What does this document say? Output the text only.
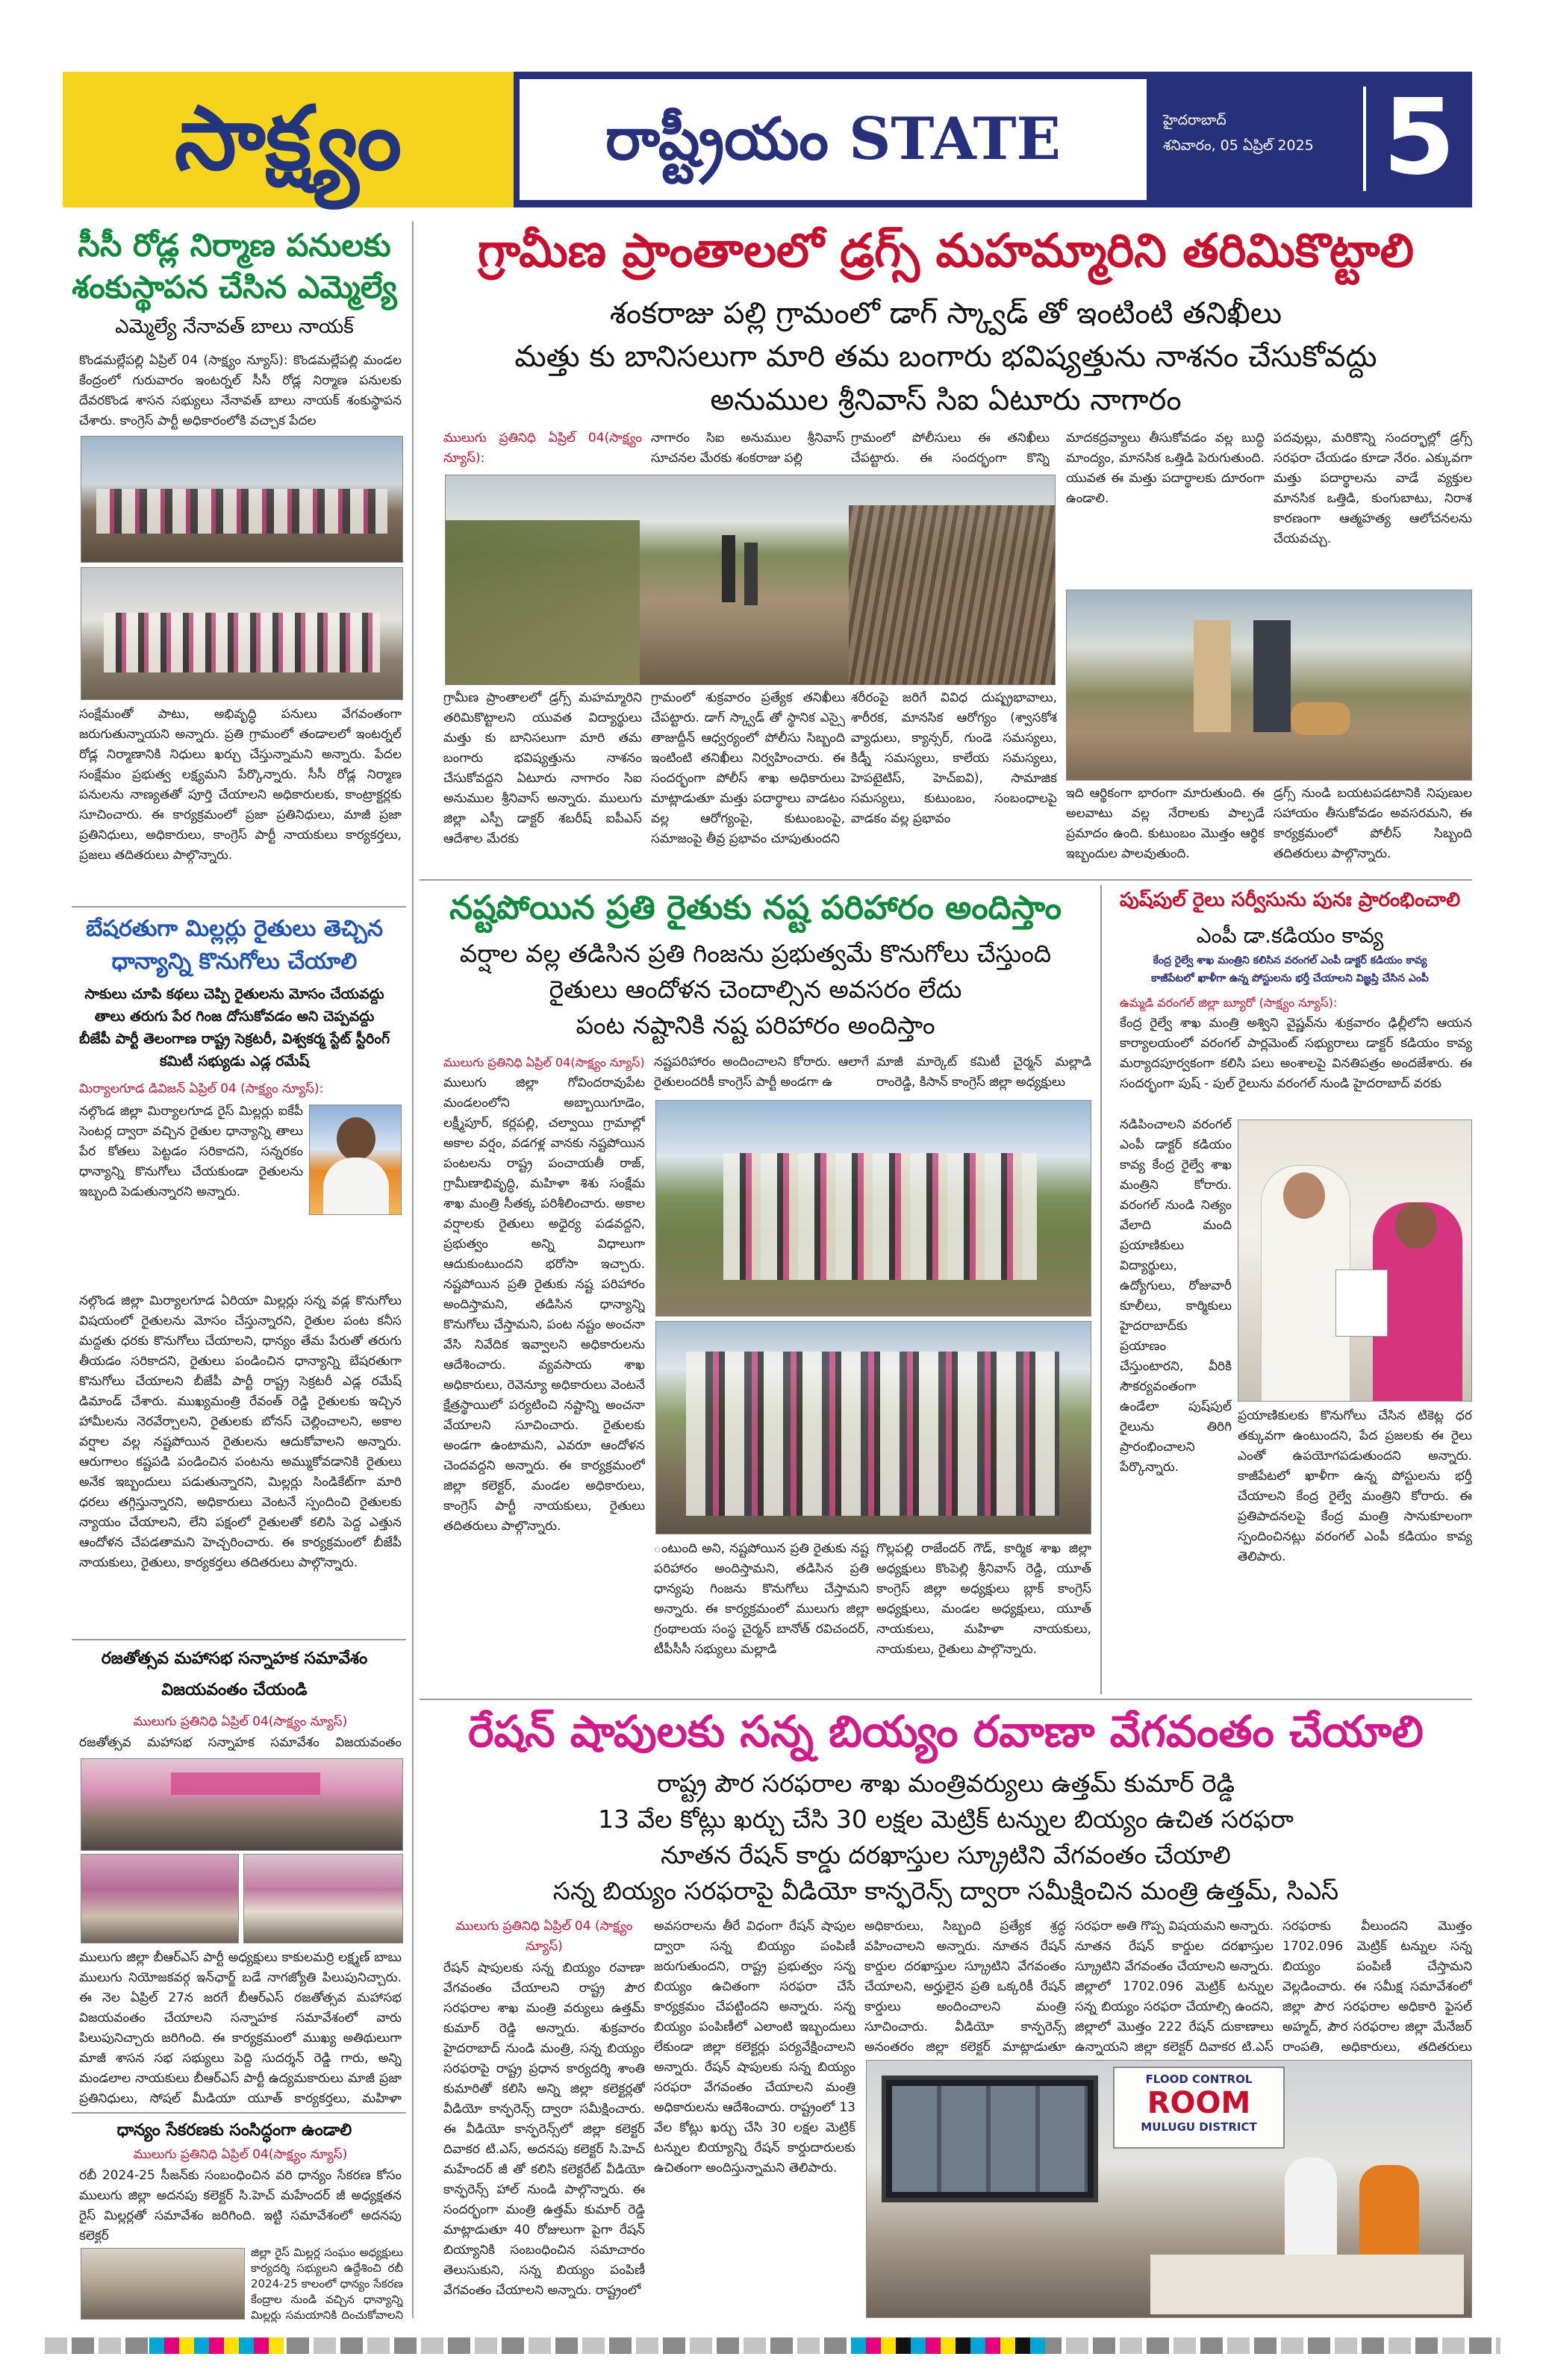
సాక్ష్యం	రాష్ట్రీయం STATE	హైదరాబాద్
శనివారం, 05 ఏప్రిల్ 2025 5
సీసీ రోడ్ల నిర్మాణ పనులకు
శంకుస్థాపన చేసిన ఎమ్మెల్యే
ఎమ్మెల్యే నేనావత్ బాలు నాయక్
కొండమల్లేపల్లి ఏప్రిల్ 04 (సాక్ష్యం న్యూస్): కొండమల్లేపల్లి మండల కేంద్రంలో గురువారం ఇంటర్నల్ సీసీ రోడ్ల నిర్మాణ పనులకు దేవరకొండ శాసన సభ్యులు నేనావత్ బాలు నాయక్ శంకుస్థాపన చేశారు. కాంగ్రెస్ పార్టీ అధికారంలోకి వచ్చాక పేదల
సంక్షేమంతో పాటు, అభివృద్ధి పనులు వేగవంతంగా జరుగుతున్నాయని అన్నారు. ప్రతి గ్రామంలో తండాలలో ఇంటర్నల్ రోడ్ల నిర్మాణానికి నిధులు ఖర్చు చేస్తున్నామని అన్నారు. పేదల సంక్షేమం ప్రభుత్వ లక్ష్యమని పేర్కొన్నారు. సీసీ రోడ్ల నిర్మాణ పనులను నాణ్యతతో పూర్తి చేయాలని అధికారులకు, కాంట్రాక్టర్లకు సూచించారు. ఈ కార్యక్రమంలో ప్రజా ప్రతినిధులు, మాజీ ప్రజా ప్రతినిధులు, అధికారులు, కాంగ్రెస్ పార్టీ నాయకులు కార్యకర్తలు, ప్రజలు తదితరులు పాల్గొన్నారు.
బేషరతుగా మిల్లర్లు రైతులు తెచ్చిన
ధాన్యాన్ని కొనుగోలు చేయాలి
సాకులు చూపి కథలు చెప్పి రైతులను మోసం చేయవద్దు
తాలు తరుగు పేర గింజ దోసుకోవడం అని చెప్పవద్దు
బీజేపీ పార్టీ తెలంగాణ రాష్ట్ర సెక్రటరీ, విశ్వకర్మ స్టేట్ స్టీరింగ్
కమిటీ సభ్యుడు ఎడ్ల రమేష్
మిర్యాలగూడ డివిజన్ ఏప్రిల్ 04 (సాక్ష్యం న్యూస్):
నల్గొండ జిల్లా మిర్యాలగూడ రైస్ మిల్లర్లు ఐకేపీ సెంటర్ల ద్వారా వచ్చిన రైతుల ధాన్యాన్ని తాలు పేర కోతలు పెట్టడం సరికాదని, సన్నరకం ధాన్యాన్ని కొనుగోలు చేయకుండా రైతులను ఇబ్బంది పెడుతున్నారని అన్నారు.
నల్గొండ జిల్లా మిర్యాలగూడ ఏరియా మిల్లర్లు సన్న వడ్ల కొనుగోలు విషయంలో రైతులను మోసం చేస్తున్నారని, రైతుల పంట కనీస మద్దతు ధరకు కొనుగోలు చేయాలని, ధాన్యం తేమ పేరుతో తరుగు తీయడం సరికాదని, రైతులు పండించిన ధాన్యాన్ని బేషరతుగా కొనుగోలు చేయాలని బీజేపీ పార్టీ రాష్ట్ర సెక్రటరీ ఎడ్ల రమేష్ డిమాండ్ చేశారు. ముఖ్యమంత్రి రేవంత్ రెడ్డి రైతులకు ఇచ్చిన హామీలను నెరవేర్చాలని, రైతులకు బోనస్ చెల్లించాలని, అకాల వర్షాల వల్ల నష్టపోయిన రైతులను ఆదుకోవాలని అన్నారు. ఆరుగాలం కష్టపడి పండించిన పంటను అమ్ముకోవడానికి రైతులు అనేక ఇబ్బందులు పడుతున్నారని, మిల్లర్లు సిండికేట్‌గా మారి ధరలు తగ్గిస్తున్నారని, అధికారులు వెంటనే స్పందించి రైతులకు న్యాయం చేయాలని, లేని పక్షంలో రైతులతో కలిసి పెద్ద ఎత్తున ఆందోళన చేపడతామని హెచ్చరించారు. ఈ కార్యక్రమంలో బీజేపీ నాయకులు, రైతులు, కార్యకర్తలు తదితరులు పాల్గొన్నారు.
రజతోత్సవ మహాసభ సన్నాహక సమావేశం
విజయవంతం చేయండి
ములుగు ప్రతినిధి ఏప్రిల్ 04(సాక్ష్యం న్యూస్)
రజతోత్సవ మహాసభ సన్నాహక సమావేశం విజయవంతం
ములుగు జిల్లా బీఆర్ఎస్ పార్టీ అధ్యక్షులు కాకులమర్రి లక్ష్మణ్ బాబు ములుగు నియోజకవర్గ ఇన్‌ఛార్జ్ బడే నాగజ్యోతి పిలుపునిచ్చారు. ఈ నెల ఏప్రిల్ 27న జరగే బీఆర్ఎస్ రజతోత్సవ మహాసభ విజయవంతం చేయాలని సన్నాహక సమావేశంలో వారు పిలుపునిచ్చారు జరిగింది. ఈ కార్యక్రమంలో ముఖ్య అతిథులుగా మాజీ శాసన సభ సభ్యులు పెద్ది సుదర్శన్ రెడ్డి గారు, అన్ని మండలాల నాయకులు బీఆర్ఎస్ పార్టీ ఉద్యమకారులు మాజీ ప్రజా ప్రతినిధులు, సోషల్ మీడియా యూత్ కార్యకర్తలు, మహిళా
ధాన్యం సేకరణకు సంసిద్ధంగా ఉండాలి
ములుగు ప్రతినిధి ఏప్రిల్ 04(సాక్ష్యం న్యూస్)
రబీ 2024-25 సీజన్‌కు సంబంధించిన వరి ధాన్యం సేకరణ కోసం ములుగు జిల్లా అదనపు కలెక్టర్ సి.హెచ్ మహేందర్ జీ అధ్యక్షతన రైస్ మిల్లర్లతో సమావేశం జరిగింది. ఇట్టి సమావేశంలో అదనపు కలెక్టర్
జిల్లా రైస్ మిల్లర్ల సంఘం అధ్యక్షులు కార్యదర్శి సభ్యులని ఉద్దేశించి రబీ 2024-25 కాలంలో ధాన్యం సేకరణ కేంద్రాల నుండి వచ్చిన ధాన్యాన్ని మిల్లర్లు సమయానికి దించుకోవాలని
గ్రామీణ ప్రాంతాలలో డ్రగ్స్ మహమ్మారిని తరిమికొట్టాలి
శంకరాజు పల్లి గ్రామంలో డాగ్ స్క్వాడ్ తో ఇంటింటి తనిఖీలు
మత్తు కు బానిసలుగా మారి తమ బంగారు భవిష్యత్తును నాశనం చేసుకోవద్దు
అనుముల శ్రీనివాస్ సిఐ ఏటూరు నాగారం
ములుగు ప్రతినిధి ఏప్రిల్ 04(సాక్ష్యం న్యూస్):
నాగారం సిఐ అనుముల శ్రీనివాస్ సూచనల మేరకు శంకరాజు పల్లి
గ్రామంలో పోలీసులు ఈ తనిఖీలు చేపట్టారు. ఈ సందర్భంగా కొన్ని
మాదకద్రవ్యాలు తీసుకోవడం వల్ల బుద్ధి మాంద్యం, మానసిక ఒత్తిడి పెరుగుతుంది. యువత ఈ మత్తు పదార్థాలకు దూరంగా ఉండాలి.
పదవుల్లు, మరికొన్ని సందర్భాల్లో డ్రగ్స్ సరఫరా చేయడం కూడా నేరం. ఎక్కువగా మత్తు పదార్థాలను వాడే వ్యక్తుల మానసిక ఒత్తిడి, కుంగుబాటు, నిరాశ కారణంగా ఆత్మహత్య ఆలోచనలను చేయవచ్చు.
గ్రామీణ ప్రాంతాలలో డ్రగ్స్ మహమ్మారిని తరిమికొట్టాలని యువత విద్యార్థులు మత్తు కు బానిసలుగా మారి తమ బంగారు భవిష్యత్తును నాశనం చేసుకోవద్దని ఏటూరు నాగారం సిఐ అనుముల శ్రీనివాస్ అన్నారు. ములుగు జిల్లా ఎస్పీ డాక్టర్ శబరీష్ ఐపీఎస్ ఆదేశాల మేరకు
గ్రామంలో శుక్రవారం ప్రత్యేక తనిఖీలు చేపట్టారు. డాగ్ స్క్వాడ్ తో స్థానిక ఎస్సై తాజుద్దీన్ ఆధ్వర్యంలో పోలీసు సిబ్బంది ఇంటింటి తనిఖీలు నిర్వహించారు. ఈ సందర్భంగా పోలీస్ శాఖ అధికారులు మాట్లాడుతూ మత్తు పదార్థాలు వాడటం వల్ల ఆరోగ్యంపై, కుటుంబంపై, సమాజంపై తీవ్ర ప్రభావం చూపుతుందని
శరీరంపై జరిగే వివిధ దుష్ప్రభావాలు, శారీరక, మానసిక ఆరోగ్యం (శ్వాసకోశ వ్యాధులు, క్యాన్సర్, గుండె సమస్యలు, కిడ్నీ సమస్యలు, కాలేయ సమస్యలు, హెపటైటిస్, హెచ్ఐవి), సామాజిక సమస్యలు, కుటుంబం, సంబంధాలపై వాడకం వల్ల ప్రభావం
ఇది ఆర్థికంగా భారంగా మారుతుంది. ఈ అలవాటు వల్ల నేరాలకు పాల్పడే ప్రమాదం ఉంది. కుటుంబం మొత్తం ఆర్థిక ఇబ్బందుల పాలవుతుంది.
డ్రగ్స్ నుండి బయటపడటానికి నిపుణుల సహాయం తీసుకోవడం అవసరమని, ఈ కార్యక్రమంలో పోలీస్ సిబ్బంది తదితరులు పాల్గొన్నారు.
నష్టపోయిన ప్రతి రైతుకు నష్ట పరిహారం అందిస్తాం
వర్షాల వల్ల తడిసిన ప్రతి గింజను ప్రభుత్వమే కొనుగోలు చేస్తుంది
రైతులు ఆందోళన చెందాల్సిన అవసరం లేదు
పంట నష్టానికి నష్ట పరిహారం అందిస్తాం
ములుగు ప్రతినిధి ఏప్రిల్ 04(సాక్ష్యం న్యూస్)
ములుగు జిల్లా గోవిందరావుపేట మండలంలోని అబ్బాయిగూడెం, లక్ష్మీపూర్, కర్లపల్లి, చల్వాయి గ్రామాల్లో అకాల వర్షం, వడగళ్ల వానకు నష్టపోయిన పంటలను రాష్ట్ర పంచాయతీ రాజ్, గ్రామీణాభివృద్ధి, మహిళా శిశు సంక్షేమ శాఖ మంత్రి సీతక్క పరిశీలించారు. అకాల వర్షాలకు రైతులు అధైర్య పడవద్దని, ప్రభుత్వం అన్ని విధాలుగా ఆదుకుంటుందని భరోసా ఇచ్చారు. నష్టపోయిన ప్రతి రైతుకు నష్ట పరిహారం అందిస్తామని, తడిసిన ధాన్యాన్ని కొనుగోలు చేస్తామని, పంట నష్టం అంచనా వేసి నివేదిక ఇవ్వాలని అధికారులను ఆదేశించారు. వ్యవసాయ శాఖ అధికారులు, రెవెన్యూ అధికారులు వెంటనే క్షేత్రస్థాయిలో పర్యటించి నష్టాన్ని అంచనా వేయాలని సూచించారు. రైతులకు అండగా ఉంటామని, ఎవరూ ఆందోళన చెందవద్దని అన్నారు. ఈ కార్యక్రమంలో జిల్లా కలెక్టర్, మండల అధికారులు, కాంగ్రెస్ పార్టీ నాయకులు, రైతులు తదితరులు పాల్గొన్నారు.
నష్టపరిహారం అందించాలని కోరారు. ఆలాగే రైతులందరికీ కాంగ్రెస్ పార్టీ అండగా ఉ
మాజీ మార్కెట్ కమిటీ చైర్మన్ మల్లాడి రాంరెడ్డి, కిసాన్ కాంగ్రెస్ జిల్లా అధ్యక్షులు
ంటుంది అని, నష్టపోయిన ప్రతి రైతుకు నష్ట పరిహారం అందిస్తామని, తడిసిన ప్రతి ధాన్యపు గింజను కొనుగోలు చేస్తామని అన్నారు. ఈ కార్యక్రమంలో ములుగు జిల్లా గ్రంథాలయ సంస్థ చైర్మన్ బానోత్ రవిచందర్, టీపీసీసీ సభ్యులు మల్లాడి
గొల్లపల్లి రాజేందర్ గౌడ్, కార్మిక శాఖ జిల్లా అధ్యక్షులు కొంపెల్లి శ్రీనివాస్ రెడ్డి, యూత్ కాంగ్రెస్ జిల్లా అధ్యక్షులు బ్లాక్ కాంగ్రెస్ అధ్యక్షులు, మండల అధ్యక్షులు, యూత్ నాయకులు, మహిళా నాయకులు, నాయకులు, రైతులు పాల్గొన్నారు.
పుష్‌పుల్ రైలు సర్వీసును పునః ప్రారంభించాలి
ఎంపీ డా.కడియం కావ్య
కేంద్ర రైల్వే శాఖ మంత్రిని కలిసిన వరంగల్ ఎంపీ డాక్టర్ కడియం కావ్య
కాజీపేటలో ఖాళీగా ఉన్న పోస్టులను భర్తీ చేయాలని విజ్ఞప్తి చేసిన ఎంపీ
ఉమ్మడి వరంగల్ జిల్లా బ్యూరో (సాక్ష్యం న్యూస్):
కేంద్ర రైల్వే శాఖ మంత్రి అశ్విని వైష్ణవ్‌ను శుక్రవారం ఢిల్లీలోని ఆయన కార్యాలయంలో వరంగల్ పార్లమెంట్ సభ్యురాలు డాక్టర్ కడియం కావ్య మర్యాదపూర్వకంగా కలిసి పలు అంశాలపై వినతిపత్రం అందజేశారు. ఈ సందర్భంగా పుష్ - పుల్ రైలును వరంగల్ నుండి హైదరాబాద్ వరకు
నడిపించాలని వరంగల్ ఎంపీ డాక్టర్ కడియం కావ్య కేంద్ర రైల్వే శాఖ మంత్రిని కోరారు. వరంగల్ నుండి నిత్యం వేలాది మంది ప్రయాణికులు విద్యార్థులు, ఉద్యోగులు, రోజువారీ కూలీలు, కార్మికులు హైదరాబాద్‌కు ప్రయాణం చేస్తుంటారని, వీరికి సౌకర్యవంతంగా ఉండేలా పుష్‌పుల్ రైలును తిరిగి ప్రారంభించాలని పేర్కొన్నారు.
ప్రయాణికులకు కొనుగోలు చేసిన టికెట్ల ధర తక్కువగా ఉంటుందని, పేద ప్రజలకు ఈ రైలు ఎంతో ఉపయోగపడుతుందని అన్నారు. కాజీపేటలో ఖాళీగా ఉన్న పోస్టులను భర్తీ చేయాలని కేంద్ర రైల్వే మంత్రిని కోరారు. ఈ ప్రతిపాదనలపై కేంద్ర మంత్రి సానుకూలంగా స్పందించినట్లు వరంగల్ ఎంపీ కడియం కావ్య తెలిపారు.
రేషన్ షాపులకు సన్న బియ్యం రవాణా వేగవంతం చేయాలి
రాష్ట్ర పౌర సరఫరాల శాఖ మంత్రివర్యులు ఉత్తమ్ కుమార్ రెడ్డి
13 వేల కోట్లు ఖర్చు చేసి 30 లక్షల మెట్రిక్ టన్నుల బియ్యం ఉచిత సరఫరా
నూతన రేషన్ కార్డు దరఖాస్తుల స్క్రూటిని వేగవంతం చేయాలి
సన్న బియ్యం సరఫరాపై వీడియో కాన్ఫరెన్స్ ద్వారా సమీక్షించిన మంత్రి ఉత్తమ్, సిఎస్
ములుగు ప్రతినిధి ఏప్రిల్ 04 (సాక్ష్యం న్యూస్)
రేషన్ షాపులకు సన్న బియ్యం రవాణా వేగవంతం చేయాలని రాష్ట్ర పౌర సరఫరాల శాఖ మంత్రి వర్యులు ఉత్తమ్ కుమార్ రెడ్డి అన్నారు. శుక్రవారం హైదరాబాద్ నుండి మంత్రి, సన్న బియ్యం సరఫరాపై రాష్ట్ర ప్రధాన కార్యదర్శి శాంతి కుమారితో కలిసి అన్ని జిల్లా కలెక్టర్లతో వీడియో కాన్ఫరెన్స్ ద్వారా సమీక్షించారు. ఈ వీడియో కాన్ఫరెన్స్‌లో జిల్లా కలెక్టర్ దివాకర టి.ఎస్, అదనపు కలెక్టర్ సి.హెచ్ మహేందర్ జీ తో కలిసి కలెక్టరేట్ వీడియో కాన్ఫరెన్స్ హాల్ నుండి పాల్గొన్నారు. ఈ సందర్భంగా మంత్రి ఉత్తమ్ కుమార్ రెడ్డి మాట్లాడుతూ 40 రోజులుగా పైగా రేషన్ బియ్యానికి సంబంధించిన సమాచారం తెలుసుకుని, సన్న బియ్యం పంపిణీ వేగవంతం చేయాలని అన్నారు. రాష్ట్రంలో
అవసరాలను తీరే విధంగా రేషన్ షాపుల ద్వారా సన్న బియ్యం పంపిణీ జరుగుతుందని, రాష్ట్ర ప్రభుత్వం సన్న బియ్యం ఉచితంగా సరఫరా చేసే కార్యక్రమం చేపట్టిందని అన్నారు. సన్న బియ్యం పంపిణీలో ఎలాంటి ఇబ్బందులు లేకుండా జిల్లా కలెక్టర్లు పర్యవేక్షించాలని అన్నారు. రేషన్ షాపులకు సన్న బియ్యం సరఫరా వేగవంతం చేయాలని మంత్రి అధికారులను ఆదేశించారు. రాష్ట్రంలో 13 వేల కోట్లు ఖర్చు చేసి 30 లక్షల మెట్రిక్ టన్నుల బియ్యాన్ని రేషన్ కార్డుదారులకు ఉచితంగా అందిస్తున్నామని తెలిపారు.
అధికారులు, సిబ్బంది ప్రత్యేక శ్రద్ధ వహించాలని అన్నారు. నూతన రేషన్ కార్డుల దరఖాస్తుల స్క్రూటిని వేగవంతం చేయాలని, అర్హులైన ప్రతి ఒక్కరికీ రేషన్ కార్డులు అందించాలని మంత్రి సూచించారు. వీడియో కాన్ఫరెన్స్ అనంతరం జిల్లా కలెక్టర్ మాట్లాడుతూ
సరఫరా అతి గొప్ప విషయమని అన్నారు. నూతన రేషన్ కార్డుల దరఖాస్తుల స్క్రూటిని వేగవంతం చేయాలని అన్నారు. జిల్లాలో 1702.096 మెట్రిక్ టన్నుల సన్న బియ్యం సరఫరా చేయాల్సి ఉందని, జిల్లాలో మొత్తం 222 రేషన్ దుకాణాలు ఉన్నాయని జిల్లా కలెక్టర్ దివాకర టి.ఎస్
సరఫరాకు వీలుందని మొత్తం 1702.096 మెట్రిక్ టన్నుల సన్న బియ్యం పంపిణీ చేస్తామని వెల్లడించారు. ఈ సమీక్ష సమావేశంలో జిల్లా పౌర సరఫరాల అధికారి ఫైసల్ అహ్మద్, పౌర సరఫరాల జిల్లా మేనేజర్ రాంపతి, అధికారులు, తదితరులు
FLOOD CONTROL
ROOM
MULUGU DISTRICT
